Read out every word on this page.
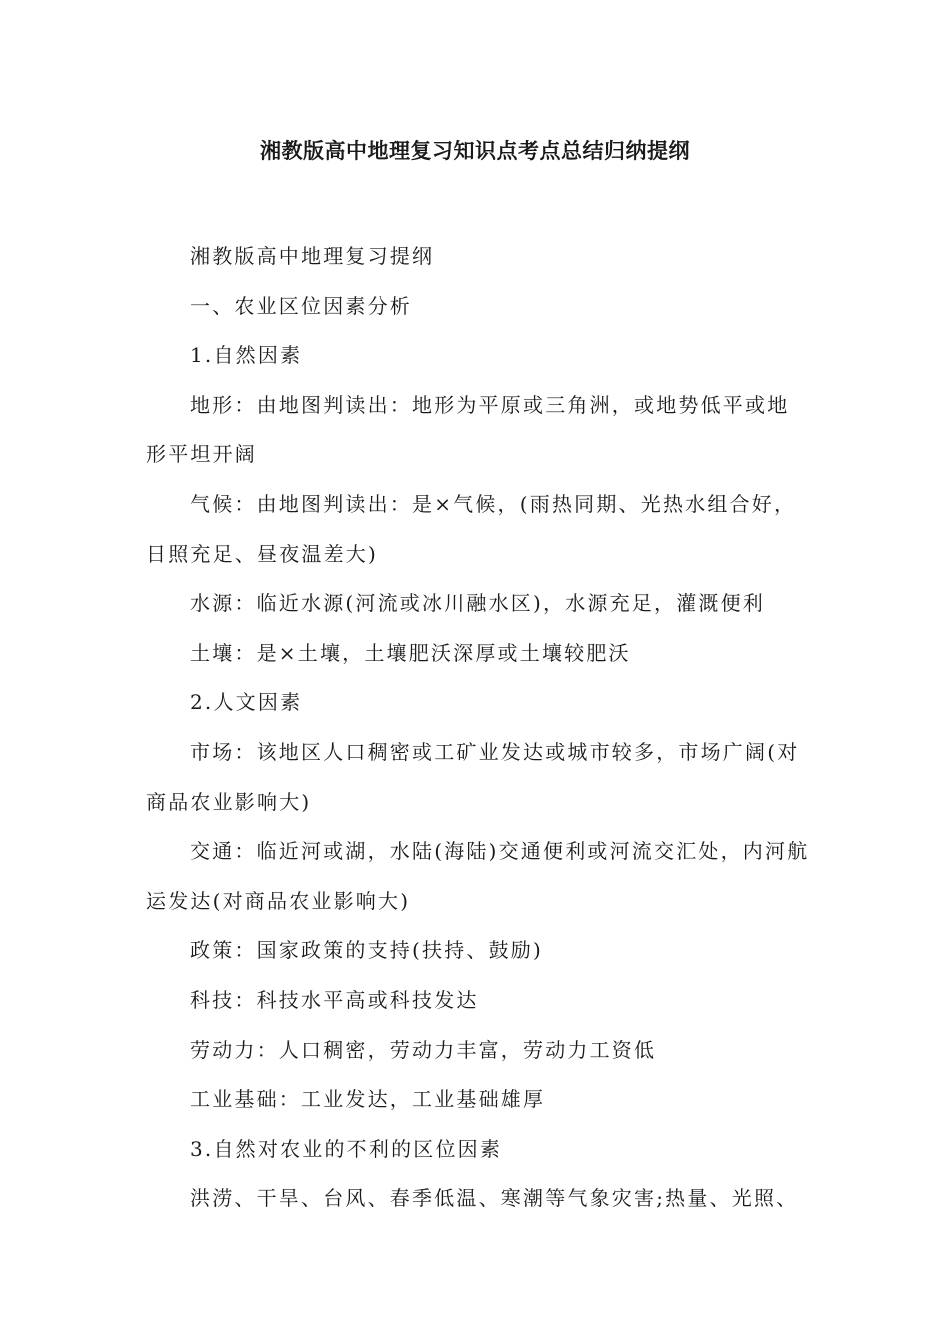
湘教版高中地理复习知识点考点总结归纳提纲

湘教版高中地理复习提纲

一、农业区位因素分析

1.自然因素

地形：由地图判读出：地形为平原或三角洲，或地势低平或地形平坦开阔

气候：由地图判读出：是×气候，(雨热同期、光热水组合好，日照充足、昼夜温差大)

水源：临近水源(河流或冰川融水区)，水源充足，灌溉便利

土壤：是×土壤，土壤肥沃深厚或土壤较肥沃

2.人文因素

市场：该地区人口稠密或工矿业发达或城市较多，市场广阔(对商品农业影响大)

交通：临近河或湖，水陆(海陆)交通便利或河流交汇处，内河航运发达(对商品农业影响大)

政策：国家政策的支持(扶持、鼓励)

科技：科技水平高或科技发达

劳动力：人口稠密，劳动力丰富，劳动力工资低

工业基础：工业发达，工业基础雄厚

3.自然对农业的不利的区位因素

洪涝、干旱、台风、春季低温、寒潮等气象灾害;热量、光照、
